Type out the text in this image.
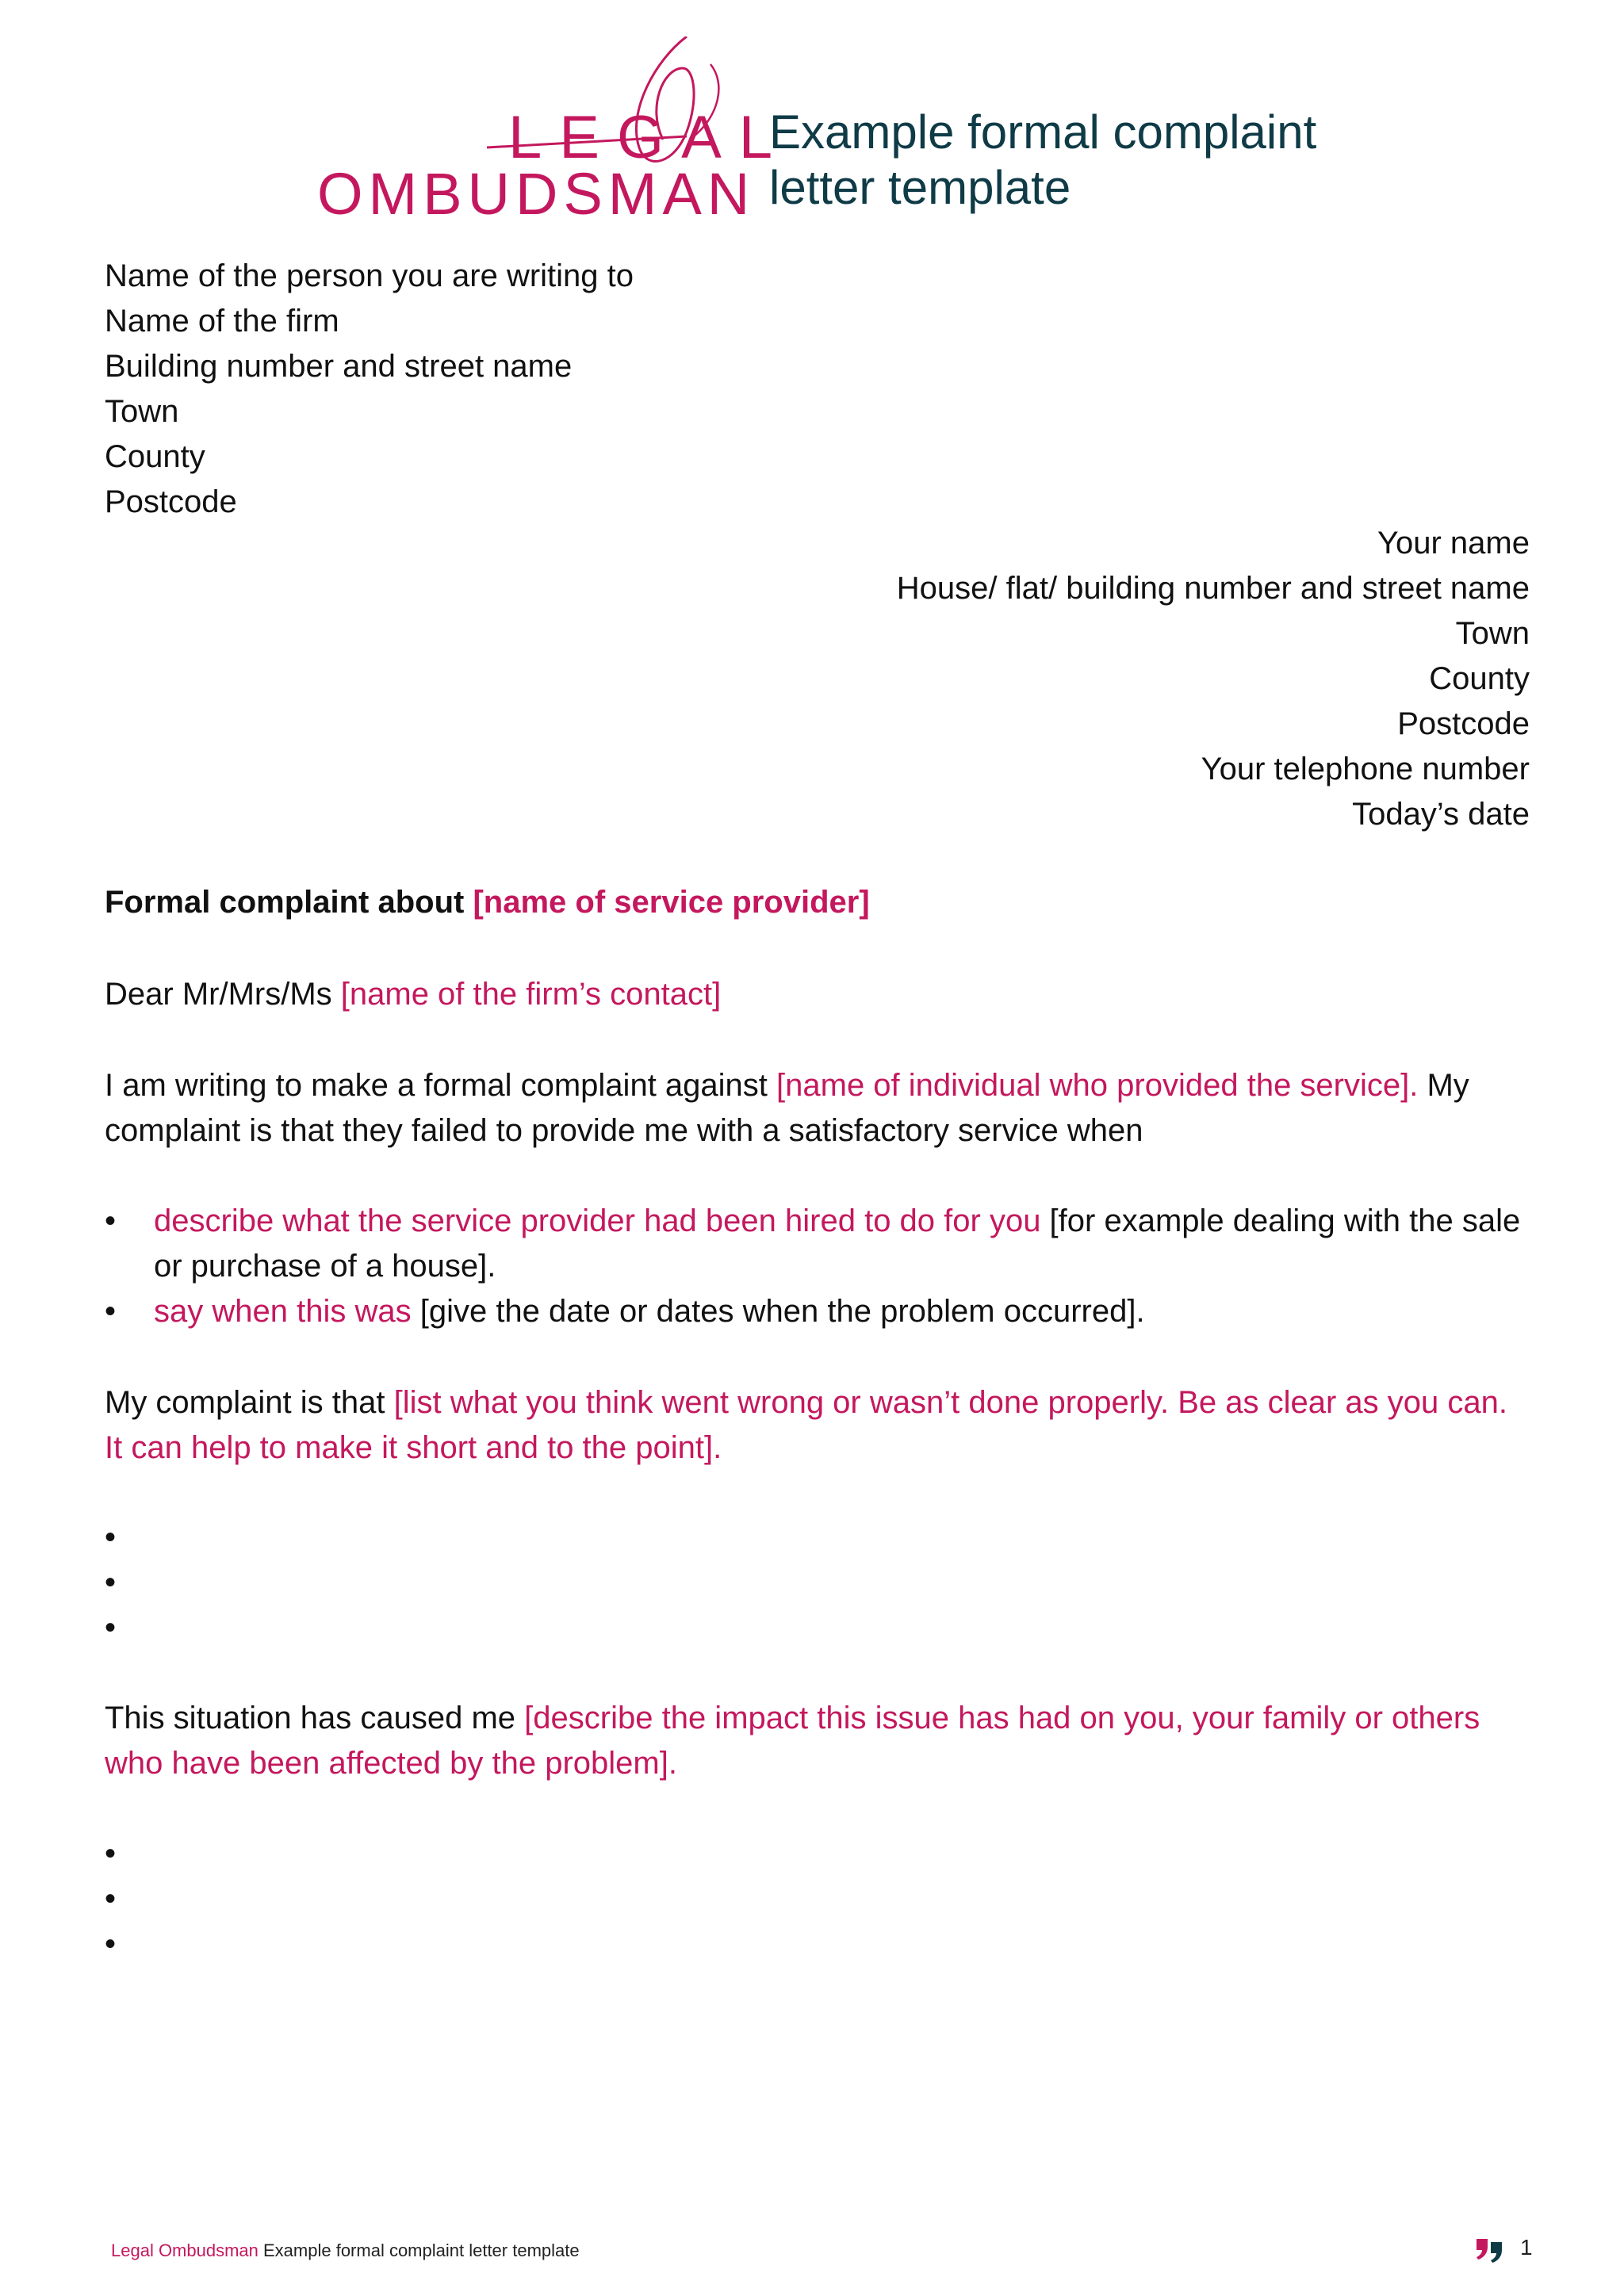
LEGAL
OMBUDSMAN
Example formal complaint letter template
Name of the person you are writing to
Name of the firm
Building number and street name
Town
County
Postcode
Your name
House/ flat/ building number and street name
Town
County
Postcode
Your telephone number
Today’s date
Formal complaint about [name of service provider]
Dear Mr/Mrs/Ms [name of the firm’s contact]
I am writing to make a formal complaint against [name of individual who provided the service]. My complaint is that they failed to provide me with a satisfactory service when
• describe what the service provider had been hired to do for you [for example dealing with the sale or purchase of a house].
• say when this was [give the date or dates when the problem occurred].
My complaint is that [list what you think went wrong or wasn’t done properly. Be as clear as you can. It can help to make it short and to the point].
•
•
•
This situation has caused me [describe the impact this issue has had on you, your family or others who have been affected by the problem].
•
•
•
Legal Ombudsman Example formal complaint letter template	1
